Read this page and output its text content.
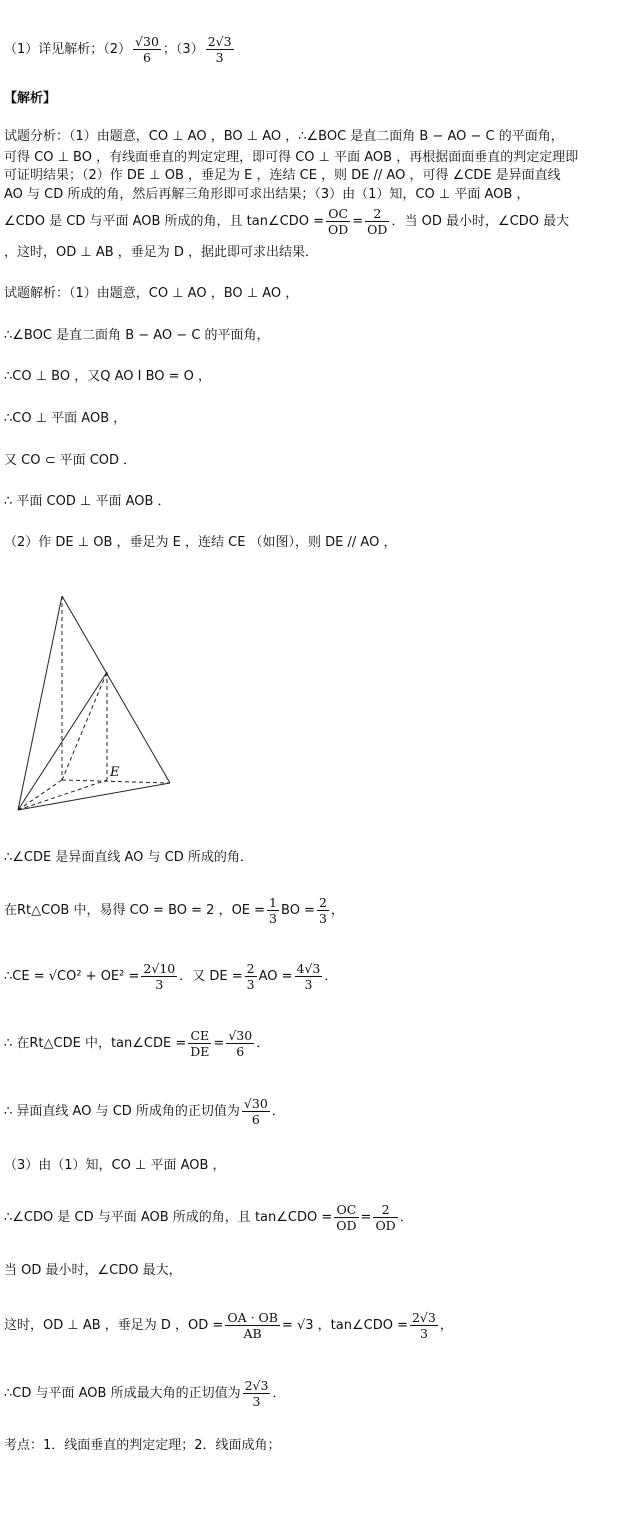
（1）详见解析；$(2) \frac{√30}{6}$ ；$(3) \frac{2√3}{3}$
【解析】
试题分析：（1）由题意，CO ⊥ AO ，BO ⊥ AO ，∴∠BOC 是直二面角 B − AO − C 的平面角，
可得 CO ⊥ BO ，有线面垂直的判定定理，即可得 CO ⊥ 平面 AOB ，再根据面面垂直的判定定理即
可证明结果；（2）作 DE ⊥ OB ，垂足为 E ，连结 CE ，则 DE // AO ，可得 ∠CDE 是异面直线
AO 与 CD 所成的角，然后再解三角形即可求出结果；（3）由（1）知，CO ⊥ 平面 AOB ，
∠CDO 是 CD 与平面 AOB 所成的角，且 tan∠CDO = $\frac{OC}{OD} = \frac{2}{OD}$ ．当 OD 最小时，∠CDO 最大
，这时，OD ⊥ AB ，垂足为 D ，据此即可求出结果．
试题解析：（1）由题意，CO ⊥ AO ，BO ⊥ AO ，
∴∠BOC 是直二面角 B − AO − C 的平面角，
∴CO ⊥ BO ，又Q AO I BO = O ，
∴CO ⊥ 平面 AOB ，
又 CO ⊂ 平面 COD ．
∴ 平面 COD ⊥ 平面 AOB ．
（2）作 DE ⊥ OB ，垂足为 E ，连结 CE （如图），则 DE // AO ，
E
∴∠CDE 是异面直线 AO 与 CD 所成的角．
在Rt△COB 中，易得 CO = BO = 2 ，OE = $\frac{1}{3}$ BO = $\frac{2}{3}$ ，
∴CE = $√CO^2 + OE^2 = \frac{2√10}{3}$ ．又 DE = $\frac{2}{3}$ AO = $\frac{4√3}{3}$ ．
∴ 在Rt△CDE 中，tan∠CDE = $\frac{CE}{DE} = \frac{√30}{6}$ ．
∴ 异面直线 AO 与 CD 所成角的正切值为 $\frac{√30}{6}$ ．
（3）由（1）知，CO ⊥ 平面 AOB ，
∴∠CDO 是 CD 与平面 AOB 所成的角，且 tan∠CDO = $\frac{OC}{OD} = \frac{2}{OD}$ ．
当 OD 最小时，∠CDO 最大，
这时，OD ⊥ AB ，垂足为 D ，OD = $\frac{OA \cdot OB}{AB} = √3$ ，tan∠CDO = $\frac{2√3}{3}$ ，
∴CD 与平面 AOB 所成最大角的正切值为 $\frac{2√3}{3}$ ．
考点：1．线面垂直的判定定理；2．线面成角；
